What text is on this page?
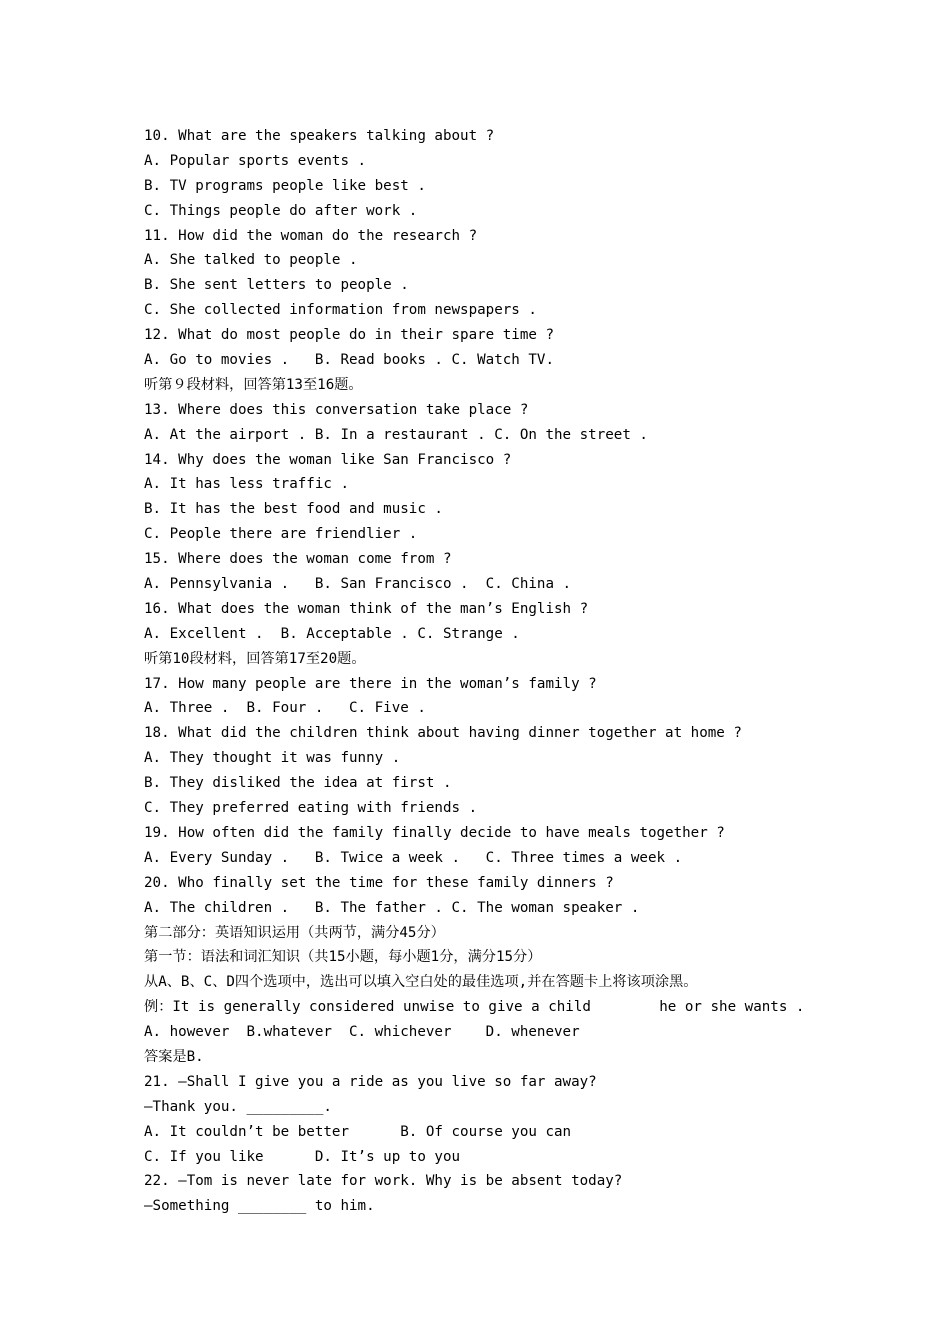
10. What are the speakers talking about ?
A. Popular sports events .
B. TV programs people like best .
C. Things people do after work .
11. How did the woman do the research ?
A. She talked to people .
B. She sent letters to people .
C. She collected information from newspapers .
12. What do most people do in their spare time ?
A. Go to movies .   B. Read books . C. Watch TV.
听第９段材料，回答第13至16题。
13. Where does this conversation take place ?
A. At the airport . B. In a restaurant . C. On the street .
14. Why does the woman like San Francisco ?
A. It has less traffic .
B. It has the best food and music .
C. People there are friendlier .
15. Where does the woman come from ?
A. Pennsylvania .   B. San Francisco .  C. China .
16. What does the woman think of the man’s English ?
A. Excellent .  B. Acceptable . C. Strange .
听第10段材料，回答第17至20题。
17. How many people are there in the woman’s family ?
A. Three .  B. Four .   C. Five .
18. What did the children think about having dinner together at home ?
A. They thought it was funny .
B. They disliked the idea at first .
C. They preferred eating with friends .
19. How often did the family finally decide to have meals together ?
A. Every Sunday .   B. Twice a week .   C. Three times a week .
20. Who finally set the time for these family dinners ?
A. The children .   B. The father . C. The woman speaker .
第二部分：英语知识运用（共两节，满分45分）
第一节：语法和词汇知识（共15小题，每小题1分，满分15分）
从A、B、C、D四个选项中，选出可以填入空白处的最佳选项,并在答题卡上将该项涂黑。
例：It is generally considered unwise to give a child        he or she wants .
A. however  B.whatever  C. whichever    D. whenever
答案是B.
21. —Shall I give you a ride as you live so far away?
—Thank you. _________.
A. It couldn’t be better      B. Of course you can
C. If you like      D. It’s up to you
22. —Tom is never late for work. Why is be absent today?
—Something ________ to him.
